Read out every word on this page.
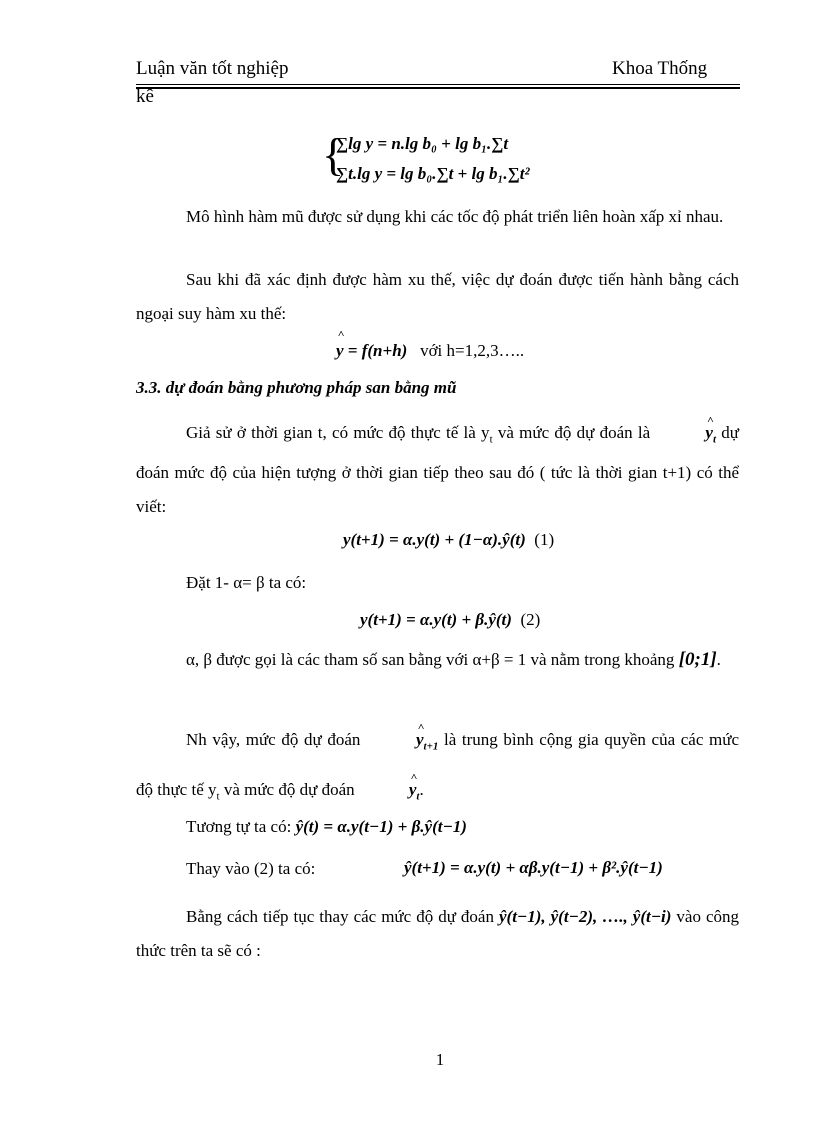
Luận văn tốt nghiệp	Khoa Thống
kê
{
∑lg y = n.lg b₀ + lg b₁.∑t
∑t.lg y = lg b₀.∑t + lg b₁.∑t²
Mô hình hàm mũ được sử dụng khi các tốc độ phát triển liên hoàn xấp xỉ nhau.
Sau khi đã xác định được hàm xu thế, việc dự đoán được tiến hành bằng cách ngoại suy hàm xu thế:
˄ y = f(n+h) với h=1,2,3…..
3.3. dự đoán bằng phương pháp san bằng mũ
Giả sử ở thời gian t, có mức độ thực tế là $y_t$ và mức độ dự đoán là	˄ $y_t$ dự đoán mức độ của hiện tượng ở thời gian tiếp theo sau đó ( tức là thời gian t+1) có thể viết:
y(t+1) = α.y(t) + (1−α).ŷ(t) (1)
Đặt 1- α= β ta có:
y(t+1) = α.y(t) + β.ŷ(t) (2)
α, β được gọi là các tham số san bằng với α+β = 1 và nằm trong khoảng [0;1].
Nh vậy, mức độ dự đoán	˄ $y_{t+1}$ là trung bình cộng gia quyền của các mức độ thực tế $y_t$ và mức độ dự đoán	˄ $y_t$.
Tương tự ta có: ŷ(t) = α.y(t−1) + β.ŷ(t−1)
Thay vào (2) ta có:	ŷ(t+1) = α.y(t) + αβ.y(t−1) + β².ŷ(t−1)
Bằng cách tiếp tục thay các mức độ dự đoán ŷ(t−1), ŷ(t−2), …., ŷ(t−i) vào công thức trên ta sẽ có :
1
